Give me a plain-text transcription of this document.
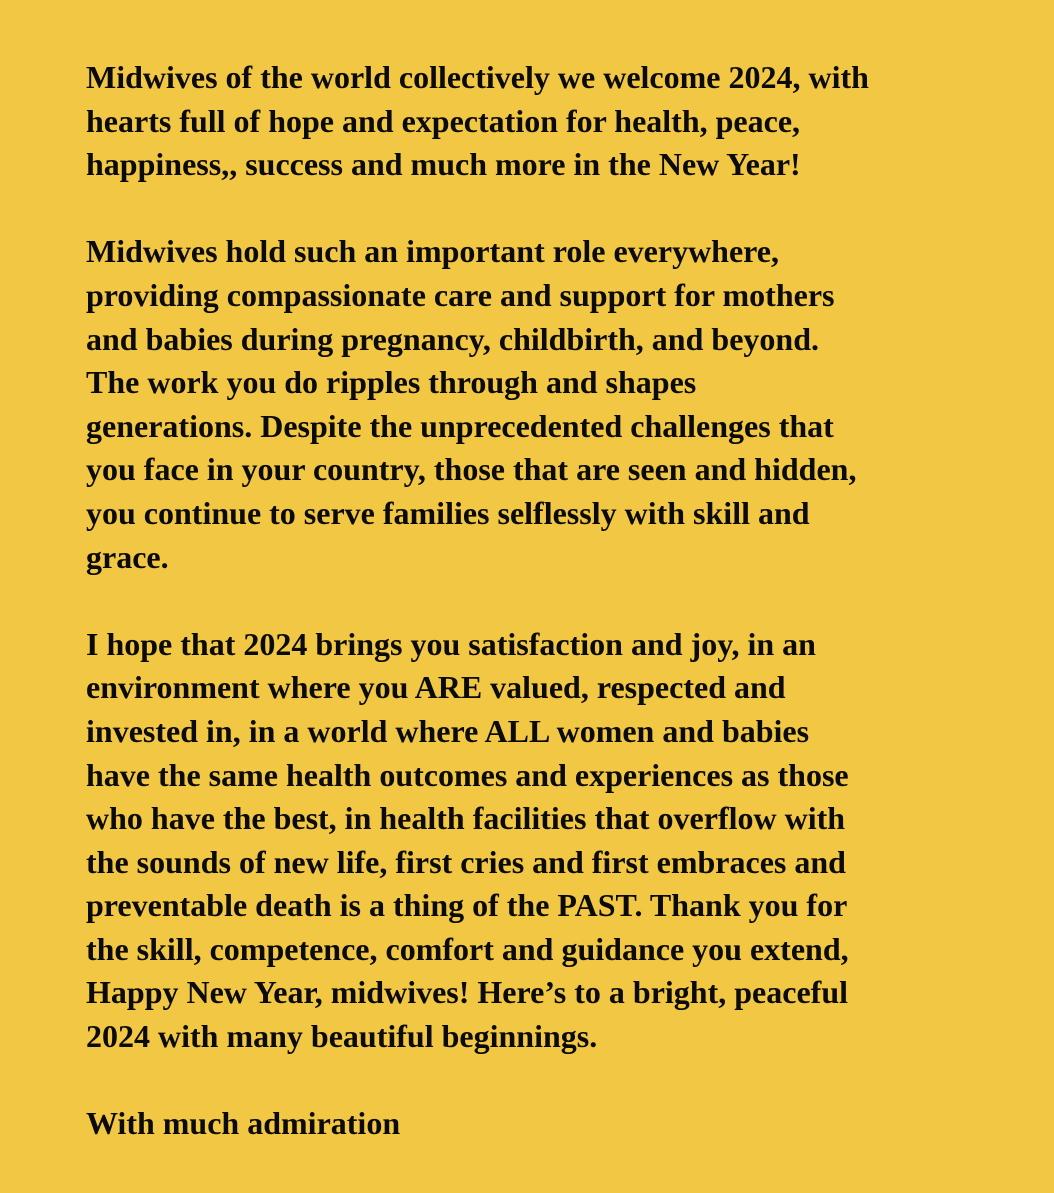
Midwives of the world collectively we welcome 2024, with
hearts full of hope and expectation for health, peace,
happiness,, success and much more in the New Year!

Midwives hold such an important role everywhere,
providing compassionate care and support for mothers
and babies during pregnancy, childbirth, and beyond.
The work you do ripples through and shapes
generations. Despite the unprecedented challenges that
you face in your country, those that are seen and hidden,
you continue to serve families selflessly with skill and
grace.

I hope that 2024 brings you satisfaction and joy, in an
environment where you ARE valued, respected and
invested in, in a world where ALL women and babies
have the same health outcomes and experiences as those
who have the best, in health facilities that overflow with
the sounds of new life, first cries and first embraces and
preventable death is a thing of the PAST. Thank you for
the skill, competence, comfort and guidance you extend,
Happy New Year, midwives! Here’s to a bright, peaceful
2024 with many beautiful beginnings.

With much admiration
